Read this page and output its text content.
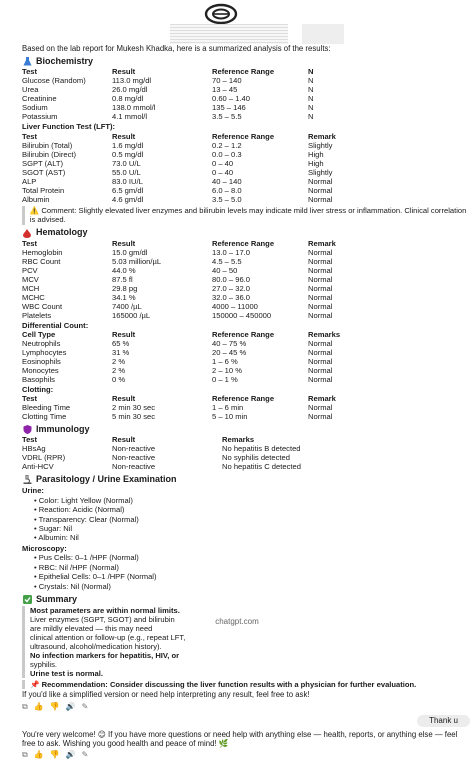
Based on the lab report for Mukesh Khadka, here is a summarized analysis of the results:

Biochemistry
Test	Result	Reference Range	N
Glucose (Random)	113.0 mg/dl	70 – 140	N
Urea	26.0 mg/dl	13 – 45	N
Creatinine	0.8 mg/dl	0.60 – 1.40	N
Sodium	138.0 mmol/l	135 – 146	N
Potassium	4.1 mmol/l	3.5 – 5.5	N
Liver Function Test (LFT):
Test	Result	Reference Range	Remark
Bilirubin (Total)	1.6 mg/dl	0.2 – 1.2	Slightly
Bilirubin (Direct)	0.5 mg/dl	0.0 – 0.3	High
SGPT (ALT)	73.0 U/L	0 – 40	High
SGOT (AST)	55.0 U/L	0 – 40	Slightly
ALP	83.0 IU/L	40 – 140	Normal
Total Protein	6.5 gm/dl	6.0 – 8.0	Normal
Albumin	4.6 gm/dl	3.5 – 5.0	Normal

⚠️ Comment: Slightly elevated liver enzymes and bilirubin levels may indicate mild liver stress or inflammation. Clinical correlation is advised.

Hematology
Test	Result	Reference Range	Remark
Hemoglobin	15.0 gm/dl	13.0 – 17.0	Normal
RBC Count	5.03 million/µL	4.5 – 5.5	Normal
PCV	44.0 %	40 – 50	Normal
MCV	87.5 fl	80.0 – 96.0	Normal
MCH	29.8 pg	27.0 – 32.0	Normal
MCHC	34.1 %	32.0 – 36.0	Normal
WBC Count	7400 /µL	4000 – 11000	Normal
Platelets	165000 /µL	150000 – 450000	Normal
Differential Count:
Cell Type	Result	Reference Range	Remarks
Neutrophils	65 %	40 – 75 %	Normal
Lymphocytes	31 %	20 – 45 %	Normal
Eosinophils	2 %	1 – 6 %	Normal
Monocytes	2 %	2 – 10 %	Normal
Basophils	0 %	0 – 1 %	Normal
Clotting:
Test	Result	Reference Range	Remark
Bleeding Time	2 min 30 sec	1 – 6 min	Normal
Clotting Time	5 min 30 sec	5 – 10 min	Normal
Immunology
Test	Result	Remarks
HBsAg	Non-reactive	No hepatitis B detected
VDRL (RPR)	Non-reactive	No syphilis detected
Anti-HCV	Non-reactive	No hepatitis C detected
Parasitology / Urine Examination
Urine:
• Color: Light Yellow (Normal)
• Reaction: Acidic (Normal)
• Transparency: Clear (Normal)
• Sugar: Nil
• Albumin: Nil
Microscopy:
• Pus Cells: 0–1 /HPF (Normal)
• RBC: Nil /HPF (Normal)
• Epithelial Cells: 0–1 /HPF (Normal)
• Crystals: Nil (Normal)
Summary
Most parameters are within normal limits.
Liver enzymes (SGPT, SGOT) and bilirubin
are mildly elevated — this may need
clinical attention or follow-up (e.g., repeat LFT,
ultrasound, alcohol/medication history).
No infection markers for hepatitis, HIV, or
syphilis.
Urine test is normal.

📌 Recommendation: Consider discussing the liver function results with a physician for further evaluation.

If you'd like a simplified version or need help interpreting any result, feel free to ask!

⧉ 👍 👎 🔊 ✎
Thank u

You're very welcome! 😊 If you have more questions or need help with anything else — health, reports, or anything else — feel free to ask. Wishing you good health and peace of mind! 🌿

⧉ 👍 👎 🔊 ✎
chatgpt.com
